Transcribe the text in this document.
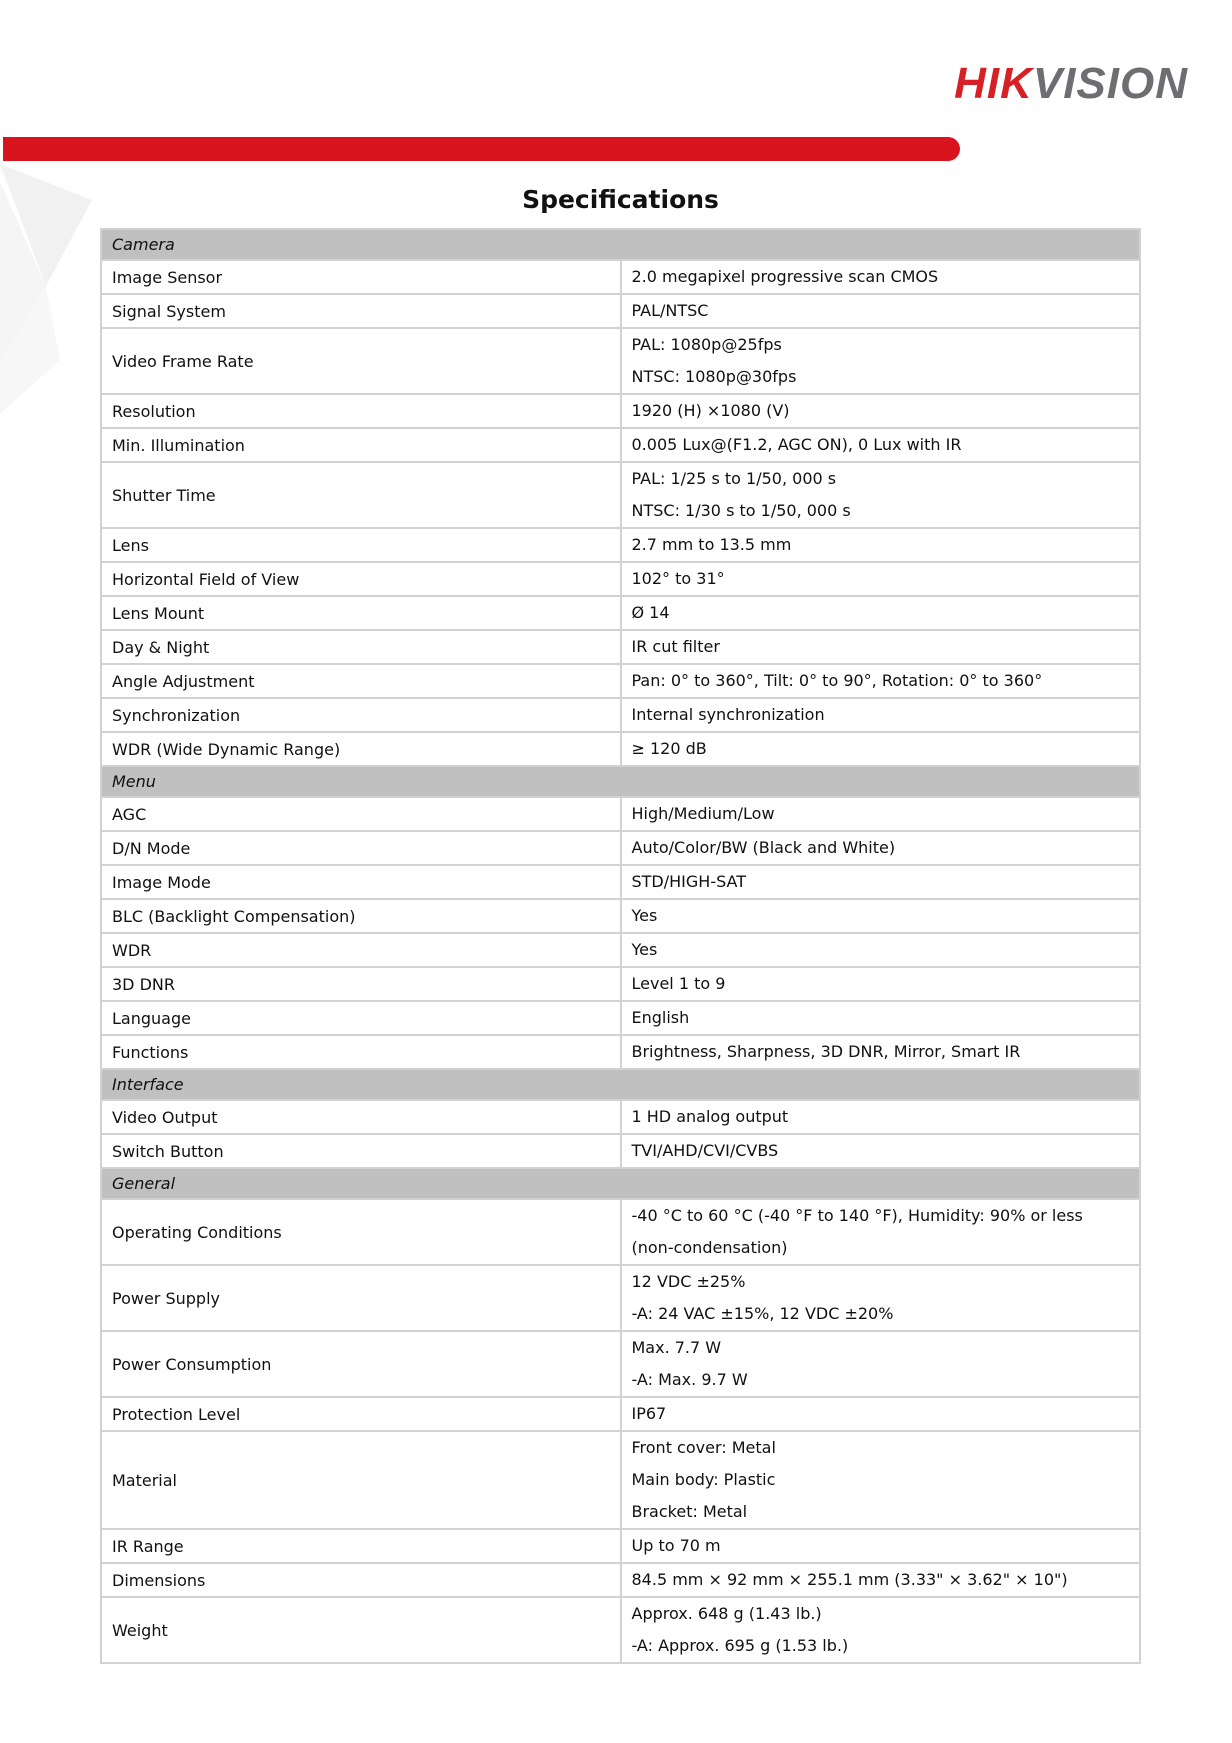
HIKVISION
Specifications
Camera	
Image Sensor	2.0 megapixel progressive scan CMOS

Signal System	PAL/NTSC

Video Frame Rate	PAL: 1080p@25fps
NTSC: 1080p@30fps

Resolution	1920 (H) ×1080 (V)

Min. Illumination	0.005 Lux@(F1.2, AGC ON), 0 Lux with IR

Shutter Time	PAL: 1/25 s to 1/50, 000 s
NTSC: 1/30 s to 1/50, 000 s

Lens	2.7 mm to 13.5 mm

Horizontal Field of View	102° to 31°

Lens Mount	Ø 14

Day & Night	IR cut filter

Angle Adjustment	Pan: 0° to 360°, Tilt: 0° to 90°, Rotation: 0° to 360°

Synchronization	Internal synchronization

WDR (Wide Dynamic Range)	≥ 120 dB

Menu	
AGC	High/Medium/Low

D/N Mode	Auto/Color/BW (Black and White)

Image Mode	STD/HIGH-SAT

BLC (Backlight Compensation)	Yes

WDR	Yes

3D DNR	Level 1 to 9

Language	English

Functions	Brightness, Sharpness, 3D DNR, Mirror, Smart IR

Interface	
Video Output	1 HD analog output

Switch Button	TVI/AHD/CVI/CVBS

General	
Operating Conditions	-40 °C to 60 °C (-40 °F to 140 °F), Humidity: 90% or less (non-condensation)

Power Supply	12 VDC ±25%
-A: 24 VAC ±15%, 12 VDC ±20%

Power Consumption	Max. 7.7 W
-A: Max. 9.7 W

Protection Level	IP67

Material	Front cover: Metal
Main body: Plastic
Bracket: Metal

IR Range	Up to 70 m

Dimensions	84.5 mm × 92 mm × 255.1 mm (3.33" × 3.62" × 10")

Weight	Approx. 648 g (1.43 lb.)
-A: Approx. 695 g (1.53 lb.)
